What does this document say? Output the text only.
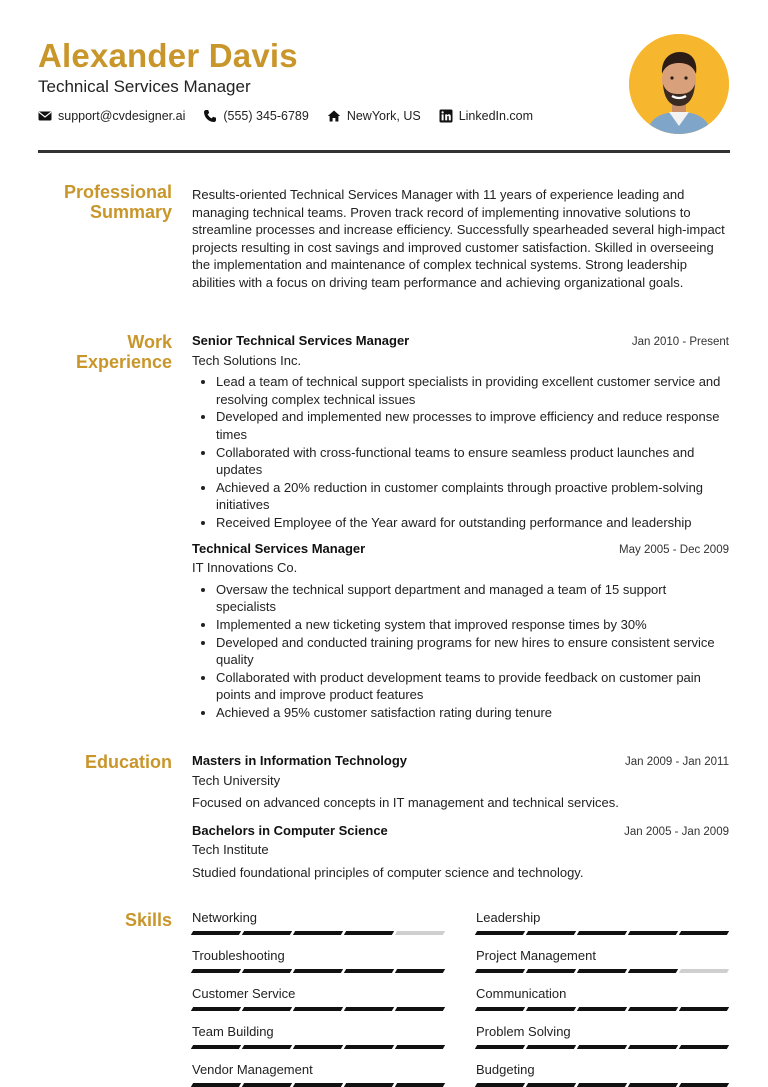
Alexander Davis
Technical Services Manager
support@cvdesigner.ai	(555) 345-6789	NewYork, US	LinkedIn.com
Professional
Summary
Results-oriented Technical Services Manager with 11 years of experience leading and managing technical teams. Proven track record of implementing innovative solutions to streamline processes and increase efficiency. Successfully spearheaded several high-impact projects resulting in cost savings and improved customer satisfaction. Skilled in overseeing the implementation and maintenance of complex technical systems. Strong leadership abilities with a focus on driving team performance and achieving organizational goals.
Work
Experience
Senior Technical Services Manager	Jan 2010 - Present
Tech Solutions Inc.
• Lead a team of technical support specialists in providing excellent customer service and resolving complex technical issues
• Developed and implemented new processes to improve efficiency and reduce response times
• Collaborated with cross-functional teams to ensure seamless product launches and updates
• Achieved a 20% reduction in customer complaints through proactive problem-solving initiatives
• Received Employee of the Year award for outstanding performance and leadership
Technical Services Manager	May 2005 - Dec 2009
IT Innovations Co.
• Oversaw the technical support department and managed a team of 15 support specialists
• Implemented a new ticketing system that improved response times by 30%
• Developed and conducted training programs for new hires to ensure consistent service quality
• Collaborated with product development teams to provide feedback on customer pain points and improve product features
• Achieved a 95% customer satisfaction rating during tenure
Education Masters in Information Technology	Jan 2009 - Jan 2011
Tech University
Focused on advanced concepts in IT management and technical services.
Bachelors in Computer Science	Jan 2005 - Jan 2009
Tech Institute
Studied foundational principles of computer science and technology.
Skills Networking	Leadership
Troubleshooting	Project Management
Customer Service	Communication
Team Building	Problem Solving
Vendor Management	Budgeting
